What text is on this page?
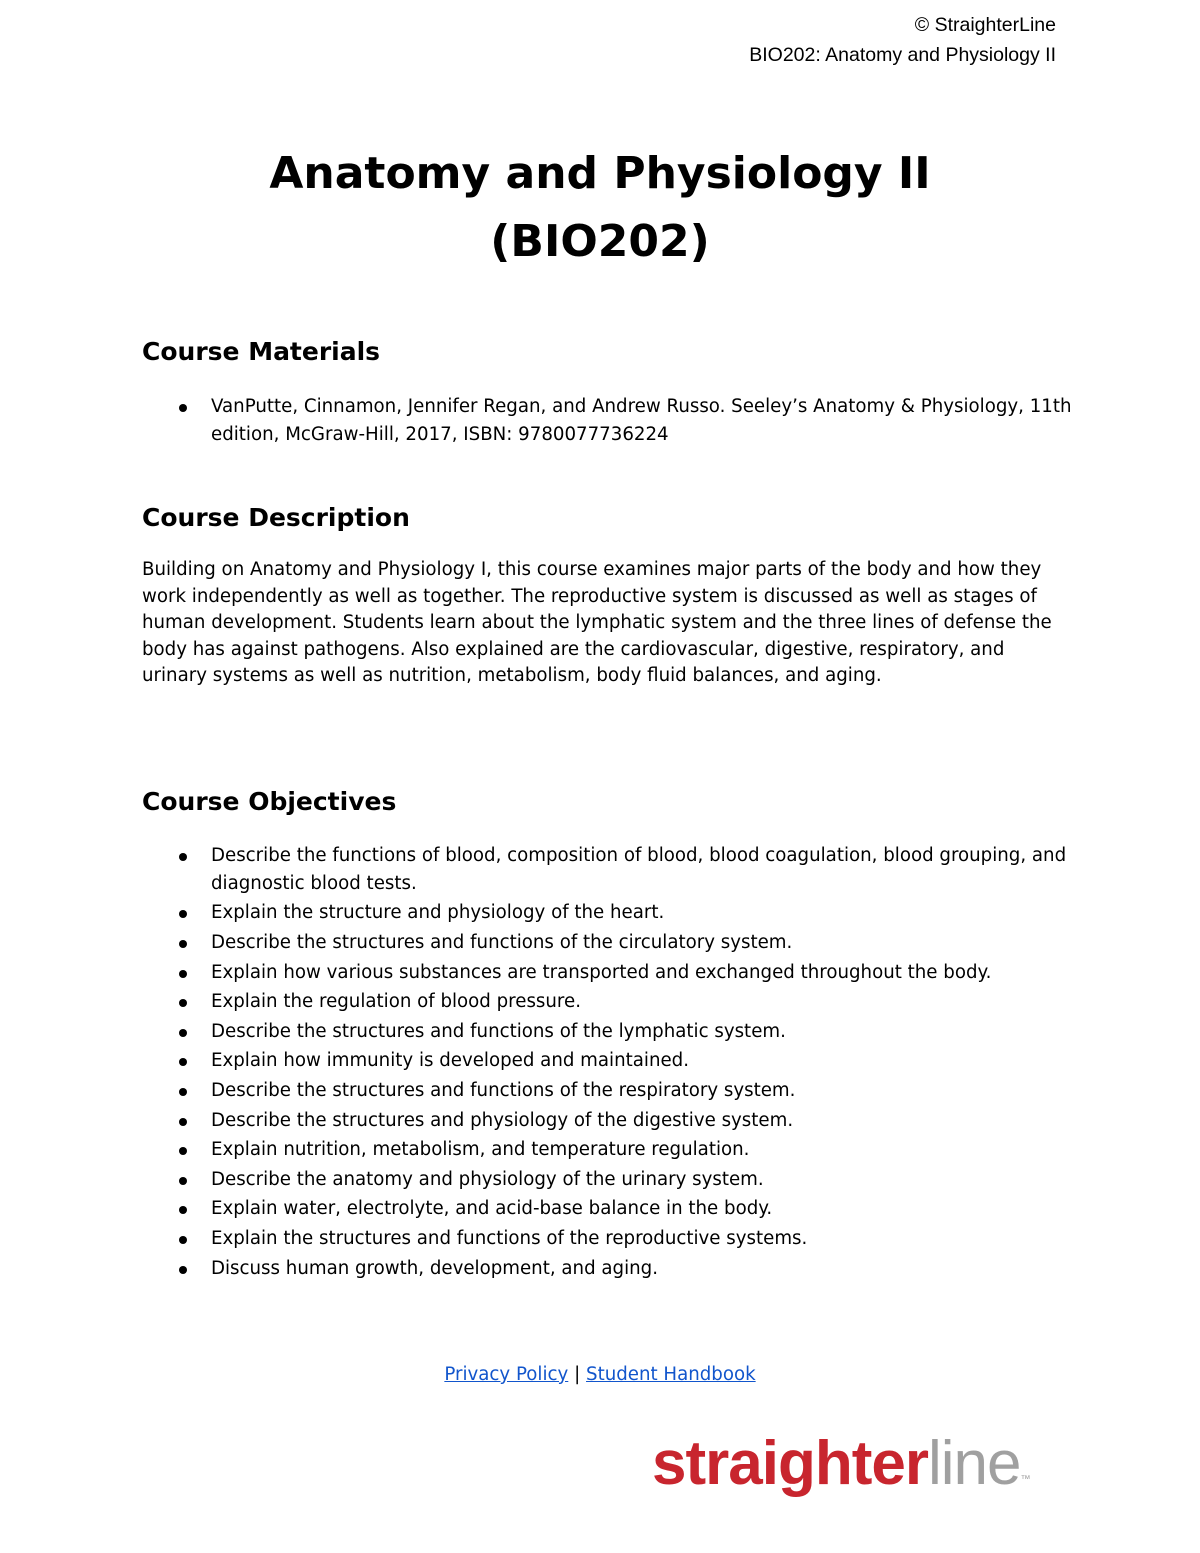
© StraighterLine
BIO202: Anatomy and Physiology II
Anatomy and Physiology II
(BIO202)
Course Materials
VanPutte, Cinnamon, Jennifer Regan, and Andrew Russo. Seeley’s Anatomy & Physiology, 11th edition, McGraw-Hill, 2017, ISBN: 9780077736224
Course Description

Building on Anatomy and Physiology I, this course examines major parts of the body and how they work independently as well as together. The reproductive system is discussed as well as stages of human development. Students learn about the lymphatic system and the three lines of defense the body has against pathogens. Also explained are the cardiovascular, digestive, respiratory, and urinary systems as well as nutrition, metabolism, body fluid balances, and aging.

Course Objectives
Describe the functions of blood, composition of blood, blood coagulation, blood grouping, and diagnostic blood tests.
Explain the structure and physiology of the heart.
Describe the structures and functions of the circulatory system.
Explain how various substances are transported and exchanged throughout the body.
Explain the regulation of blood pressure.
Describe the structures and functions of the lymphatic system.
Explain how immunity is developed and maintained.
Describe the structures and functions of the respiratory system.
Describe the structures and physiology of the digestive system.
Explain nutrition, metabolism, and temperature regulation.
Describe the anatomy and physiology of the urinary system.
Explain water, electrolyte, and acid-base balance in the body.
Explain the structures and functions of the reproductive systems.
Discuss human growth, development, and aging.
Privacy Policy | Student Handbook
straighterline™
